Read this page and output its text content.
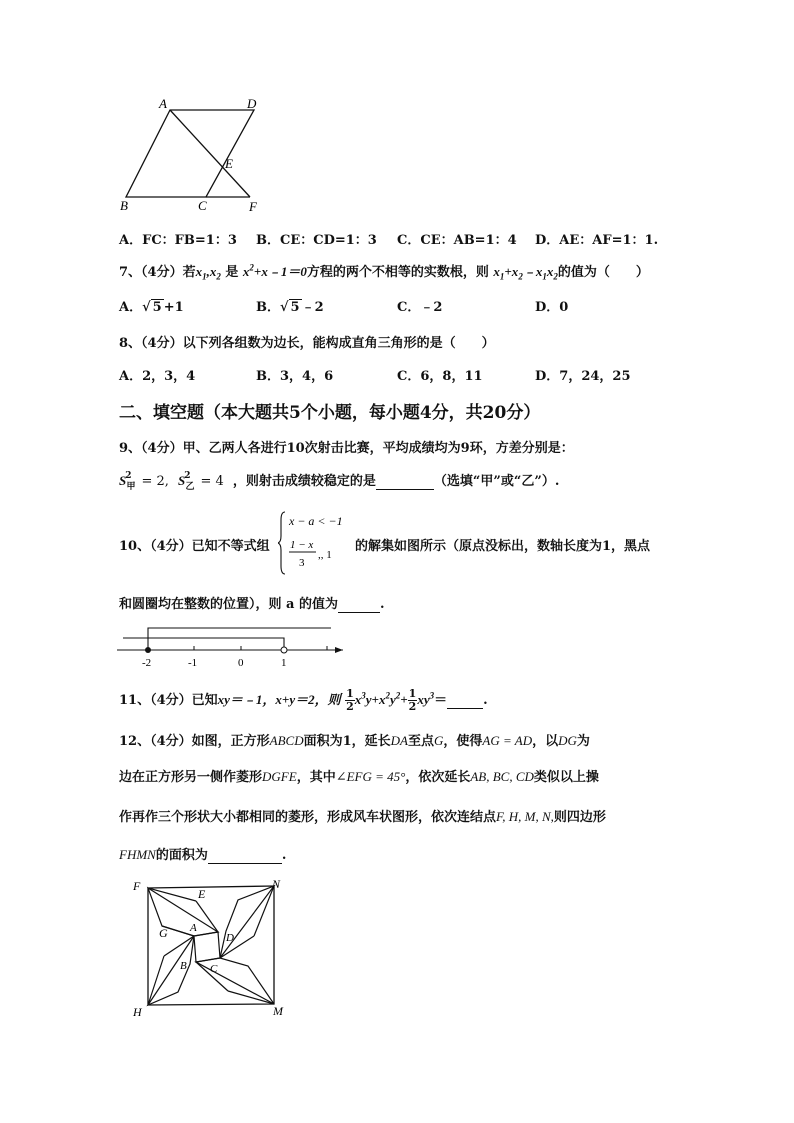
A	D
E
B	C	F
A．FC：FB=1：3 B．CE：CD=1：3 C．CE：AB=1：4 D．AE：AF=1：1.
7、（4分）若$x_1,x_2$ 是 $x^2+x﹣1=0$方程的两个不相等的实数根，则 $x_1+x_2﹣x_1x_2$的值为（　　）
A．√ 5 +1	B．√ 5 ﹣2	C．﹣2	D．0
8、（4分）以下列各组数为边长，能构成直角三角形的是（　　）
A．2，3，4	B．3，4，6	C．6，8，11	D．7，24，25
二、填空题（本大题共5个小题，每小题4分，共20分）
9、（4分）甲、乙两人各进行10次射击比赛，平均成绩均为9环，方差分别是：
$S^2_甲 = 2$, $S^2_乙 = 4$ ，则射击成绩较稳定的是	（选填“甲”或“乙”）.
10、（4分）已知不等式组
x − a < −1
1 − x
3
,, 1
的解集如图所示（原点没标出，数轴长度为1，黑点
和圆圈均在整数的位置），则 a 的值为	.
-2	-1	0	1
11、（4分）已知xy＝﹣1，x+y＝2，则 $\frac{1}{2} x^3y+x^2y^2+ \frac{1}{2} xy^3=$	.
12、（4分）如图，正方形ABCD面积为1，延长DA至点G，使得AG = AD，以DG为
边在正方形另一侧作菱形DGFE，其中∠EFG = 45°，依次延长AB, BC, CD类似以上操
作再作三个形状大小都相同的菱形，形成风车状图形，依次连结点F, H, M, N,则四边形
FHMN的面积为	.
F	N
E
G A
D
B C
H	M
